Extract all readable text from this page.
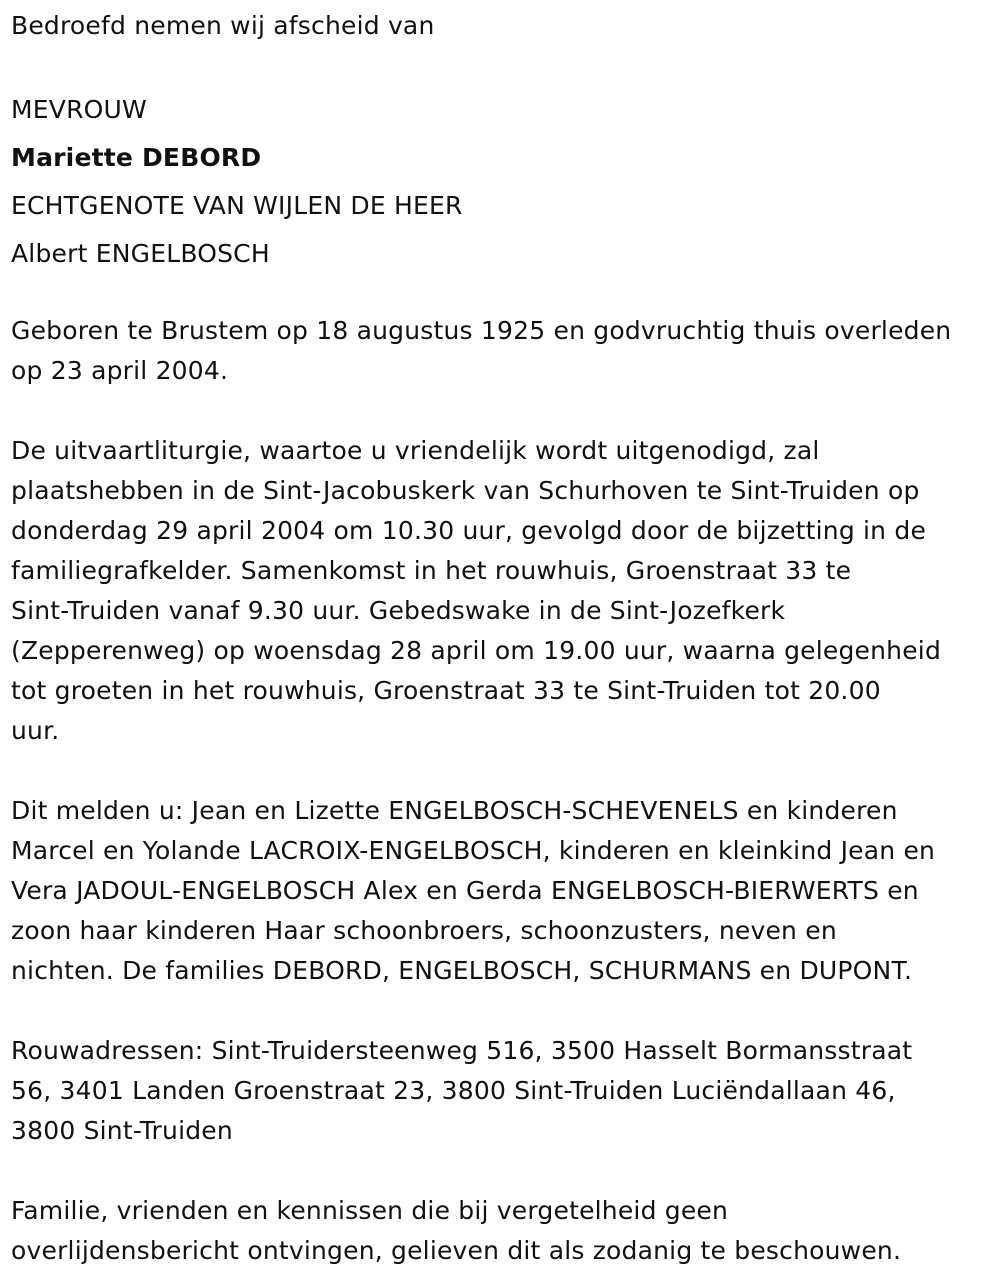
Bedroefd nemen wij afscheid van

MEVROUW

Mariette DEBORD

ECHTGENOTE VAN WIJLEN DE HEER

Albert ENGELBOSCH

Geboren te Brustem op 18 augustus 1925 en godvruchtig thuis overleden

op 23 april 2004.

De uitvaartliturgie, waartoe u vriendelijk wordt uitgenodigd, zal

plaatshebben in de Sint-Jacobuskerk van Schurhoven te Sint-Truiden op

donderdag 29 april 2004 om 10.30 uur, gevolgd door de bijzetting in de

familiegrafkelder. Samenkomst in het rouwhuis, Groenstraat 33 te

Sint-Truiden vanaf 9.30 uur. Gebedswake in de Sint-Jozefkerk

(Zepperenweg) op woensdag 28 april om 19.00 uur, waarna gelegenheid

tot groeten in het rouwhuis, Groenstraat 33 te Sint-Truiden tot 20.00

uur.

Dit melden u: Jean en Lizette ENGELBOSCH-SCHEVENELS en kinderen

Marcel en Yolande LACROIX-ENGELBOSCH, kinderen en kleinkind Jean en

Vera JADOUL-ENGELBOSCH Alex en Gerda ENGELBOSCH-BIERWERTS en

zoon haar kinderen Haar schoonbroers, schoonzusters, neven en

nichten. De families DEBORD, ENGELBOSCH, SCHURMANS en DUPONT.

Rouwadressen: Sint-Truidersteenweg 516, 3500 Hasselt Bormansstraat

56, 3401 Landen Groenstraat 23, 3800 Sint-Truiden Luciëndallaan 46,

3800 Sint-Truiden

Familie, vrienden en kennissen die bij vergetelheid geen

overlijdensbericht ontvingen, gelieven dit als zodanig te beschouwen.
